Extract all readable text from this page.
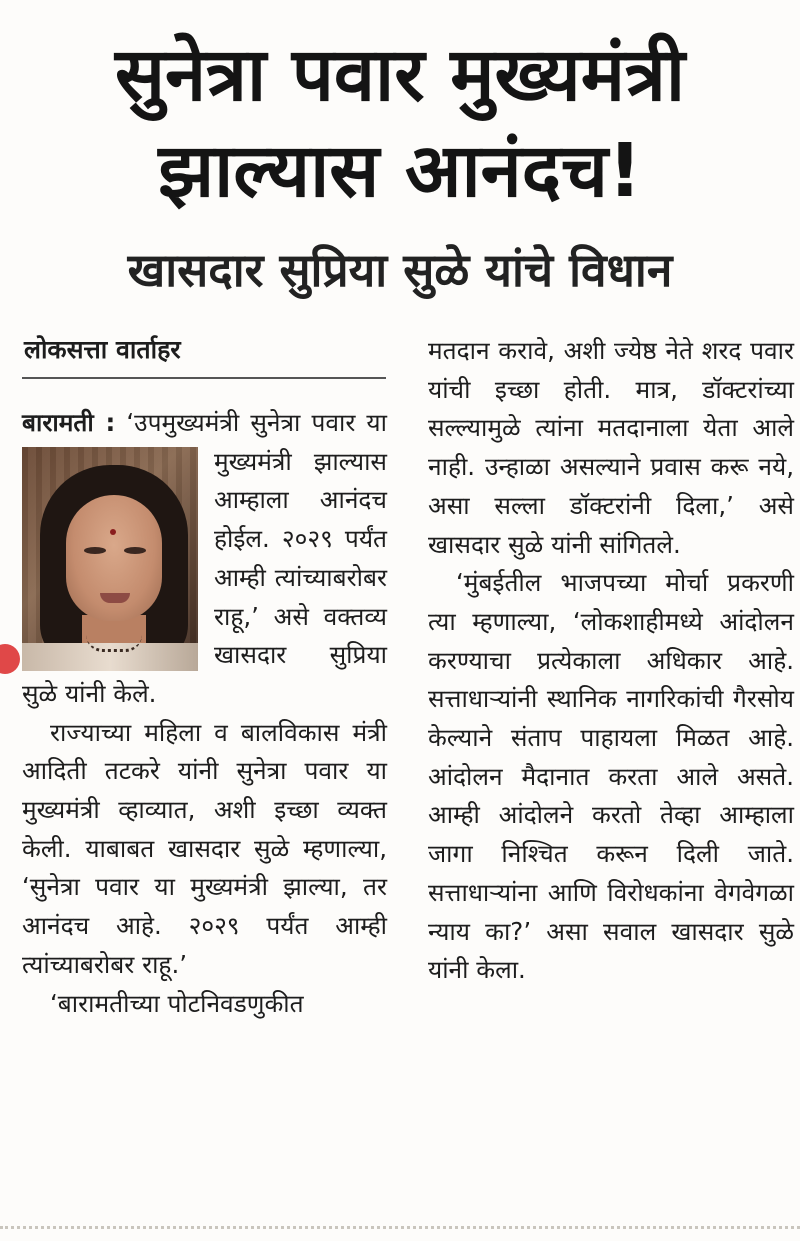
सुनेत्रा पवार मुख्यमंत्री
झाल्यास आनंदच!
खासदार सुप्रिया सुळे यांचे विधान
लोकसत्ता वार्ताहर

बारामती : ‘उपमुख्यमंत्री सुनेत्रा पवार या मुख्यमंत्री झाल्यास
आम्हाला आनंदच होईल. २०२९ पर्यंत आम्ही त्यांच्याबरोबर राहू,’ असे वक्तव्य खासदार सुप्रिया सुळे यांनी केले.

राज्याच्या महिला व बालविकास मंत्री आदिती तटकरे यांनी सुनेत्रा पवार या मुख्यमंत्री व्हाव्यात, अशी इच्छा व्यक्त केली. याबाबत खासदार सुळे म्हणाल्या, ‘सुनेत्रा पवार या मुख्यमंत्री झाल्या, तर आनंदच आहे. २०२९ पर्यंत आम्ही त्यांच्याबरोबर राहू.’

‘बारामतीच्या पोटनिवडणुकीत

मतदान करावे, अशी ज्येष्ठ नेते शरद पवार यांची इच्छा होती. मात्र, डॉक्टरांच्या सल्ल्यामुळे त्यांना मतदानाला येता आले नाही. उन्हाळा असल्याने प्रवास करू नये, असा सल्ला डॉक्टरांनी दिला,’ असे खासदार सुळे यांनी सांगितले.

‘मुंबईतील भाजपच्या मोर्चा प्रकरणी त्या म्हणाल्या, ‘लोकशाहीमध्ये आंदोलन करण्याचा प्रत्येकाला अधिकार आहे. सत्ताधाऱ्यांनी स्थानिक नागरिकांची गैरसोय केल्याने संताप पाहायला मिळत आहे. आंदोलन मैदानात करता आले असते. आम्ही आंदोलने करतो तेव्हा आम्हाला जागा निश्चित करून दिली जाते. सत्ताधाऱ्यांना आणि विरोधकांना वेगवेगळा न्याय का?’ असा सवाल खासदार सुळे यांनी केला.
